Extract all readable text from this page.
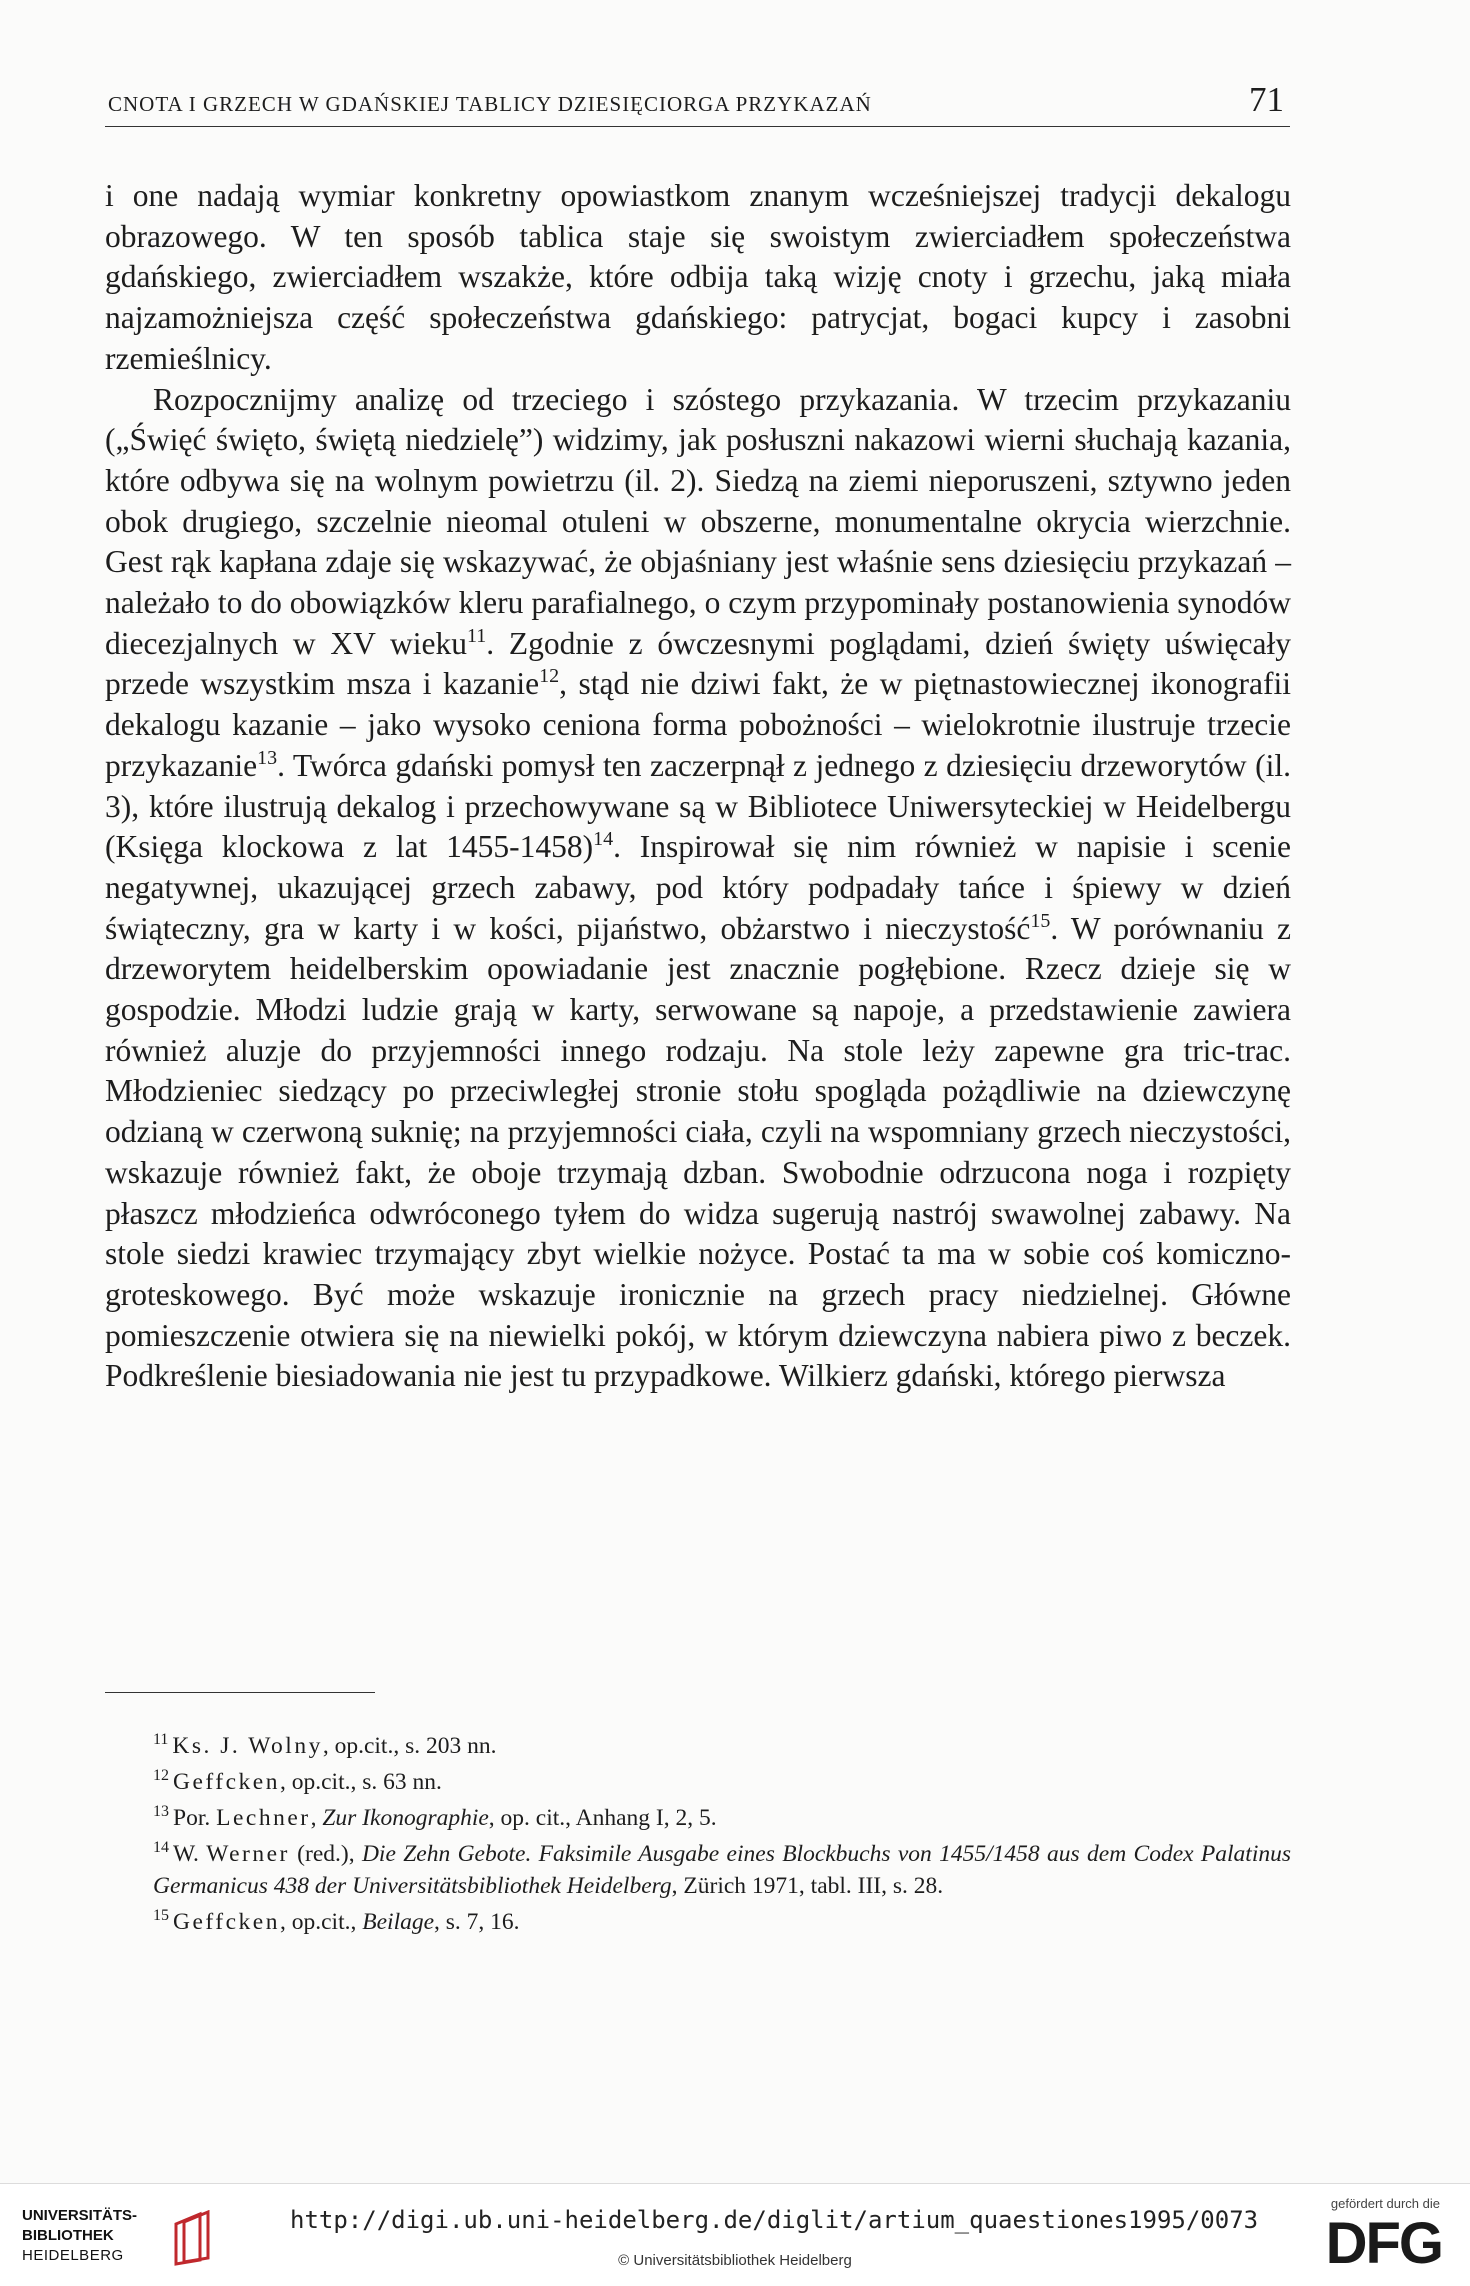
CNOTA I GRZECH W GDAŃSKIEJ TABLICY DZIESIĘCIORGA PRZYKAZAŃ	71

i one nadają wymiar konkretny opowiastkom znanym wcześniejszej tradycji dekalogu obrazowego. W ten sposób tablica staje się swoistym zwierciadłem społeczeństwa gdańskiego, zwierciadłem wszakże, które odbija taką wizję cnoty i grzechu, jaką miała najzamożniejsza część społeczeństwa gdańskiego: patrycjat, bogaci kupcy i zasobni rzemieślnicy.

Rozpocznijmy analizę od trzeciego i szóstego przykazania. W trzecim przykazaniu („Święć święto, świętą niedzielę”) widzimy, jak posłuszni nakazowi wierni słuchają kazania, które odbywa się na wolnym powietrzu (il. 2). Siedzą na ziemi nieporuszeni, sztywno jeden obok drugiego, szczelnie nieomal otuleni w obszerne, monumentalne okrycia wierzchnie. Gest rąk kapłana zdaje się wskazywać, że objaśniany jest właśnie sens dziesięciu przykazań – należało to do obowiązków kleru parafialnego, o czym przypominały postanowienia synodów diecezjalnych w XV wieku$^{11}$. Zgodnie z ówczesnymi poglądami, dzień święty uświęcały przede wszystkim msza i kazanie$^{12}$, stąd nie dziwi fakt, że w piętnastowiecznej ikonografii dekalogu kazanie – jako wysoko ceniona forma pobożności – wielokrotnie ilustruje trzecie przykazanie$^{13}$. Twórca gdański pomysł ten zaczerpnął z jednego z dziesięciu drzeworytów (il. 3), które ilustrują dekalog i przechowywane są w Bibliotece Uniwersyteckiej w Heidelbergu (Księga klockowa z lat 1455-1458)$^{14}$. Inspirował się nim również w napisie i scenie negatywnej, ukazującej grzech zabawy, pod który podpadały tańce i śpiewy w dzień świąteczny, gra w karty i w kości, pijaństwo, obżarstwo i nieczystość$^{15}$. W porównaniu z drzeworytem heidelberskim opowiadanie jest znacznie pogłębione. Rzecz dzieje się w gospodzie. Młodzi ludzie grają w karty, serwowane są napoje, a przedstawienie zawiera również aluzje do przyjemności innego rodzaju. Na stole leży zapewne gra tric-trac. Młodzieniec siedzący po przeciwległej stronie stołu spogląda pożądliwie na dziewczynę odzianą w czerwoną suknię; na przyjemności ciała, czyli na wspomniany grzech nieczystości, wskazuje również fakt, że oboje trzymają dzban. Swobodnie odrzucona noga i rozpięty płaszcz młodzieńca odwróconego tyłem do widza sugerują nastrój swawolnej zabawy. Na stole siedzi krawiec trzymający zbyt wielkie nożyce. Postać ta ma w sobie coś komiczno-groteskowego. Być może wskazuje ironicznie na grzech pracy niedzielnej. Główne pomieszczenie otwiera się na niewielki pokój, w którym dziewczyna nabiera piwo z beczek. Podkreślenie biesiadowania nie jest tu przypadkowe. Wilkierz gdański, którego pierwsza

$^{11}$ Ks. J. Wolny, op.cit., s. 203 nn.

$^{12}$ Geffcken, op.cit., s. 63 nn.

$^{13}$ Por. Lechner, Zur Ikonographie, op. cit., Anhang I, 2, 5.

$^{14}$ W. Werner (red.), Die Zehn Gebote. Faksimile Ausgabe eines Blockbuchs von 1455/1458 aus dem Codex Palatinus Germanicus 438 der Universitätsbibliothek Heidelberg, Zürich 1971, tabl. III, s. 28.

$^{15}$ Geffcken, op.cit., Beilage, s. 7, 16.

UNIVERSITÄTS-
BIBLIOTHEK
HEIDELBERG
http://digi.ub.uni-heidelberg.de/diglit/artium_quaestiones1995/0073
© Universitätsbibliothek Heidelberg
gefördert durch die
DFG
